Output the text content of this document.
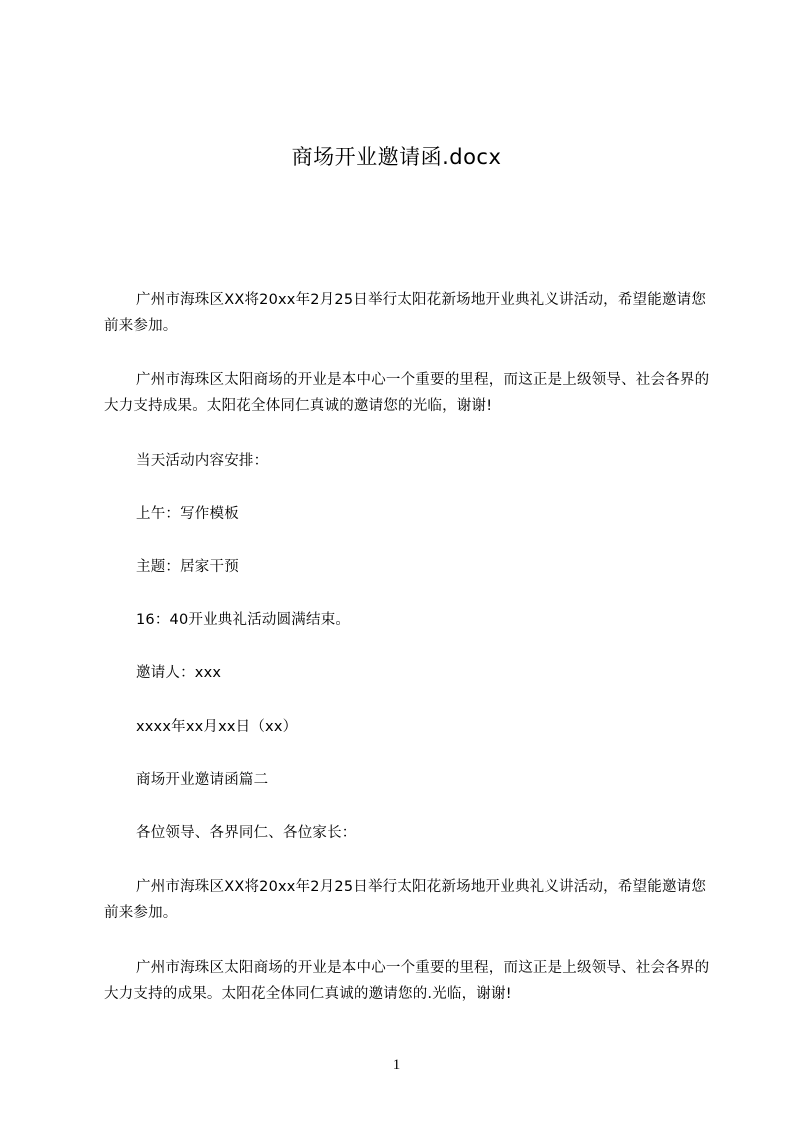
商场开业邀请函.docx

广州市海珠区XX将20xx年2月25日举行太阳花新场地开业典礼义讲活动，希望能邀请您前来参加。

广州市海珠区太阳商场的开业是本中心一个重要的里程，而这正是上级领导、社会各界的大力支持成果。太阳花全体同仁真诚的邀请您的光临，谢谢!

当天活动内容安排：

上午：写作模板

主题：居家干预

16：40开业典礼活动圆满结束。

邀请人：xxx

xxxx年xx月xx日（xx）

商场开业邀请函篇二

各位领导、各界同仁、各位家长：

广州市海珠区XX将20xx年2月25日举行太阳花新场地开业典礼义讲活动，希望能邀请您前来参加。

广州市海珠区太阳商场的开业是本中心一个重要的里程，而这正是上级领导、社会各界的大力支持的成果。太阳花全体同仁真诚的邀请您的.光临，谢谢!

1
